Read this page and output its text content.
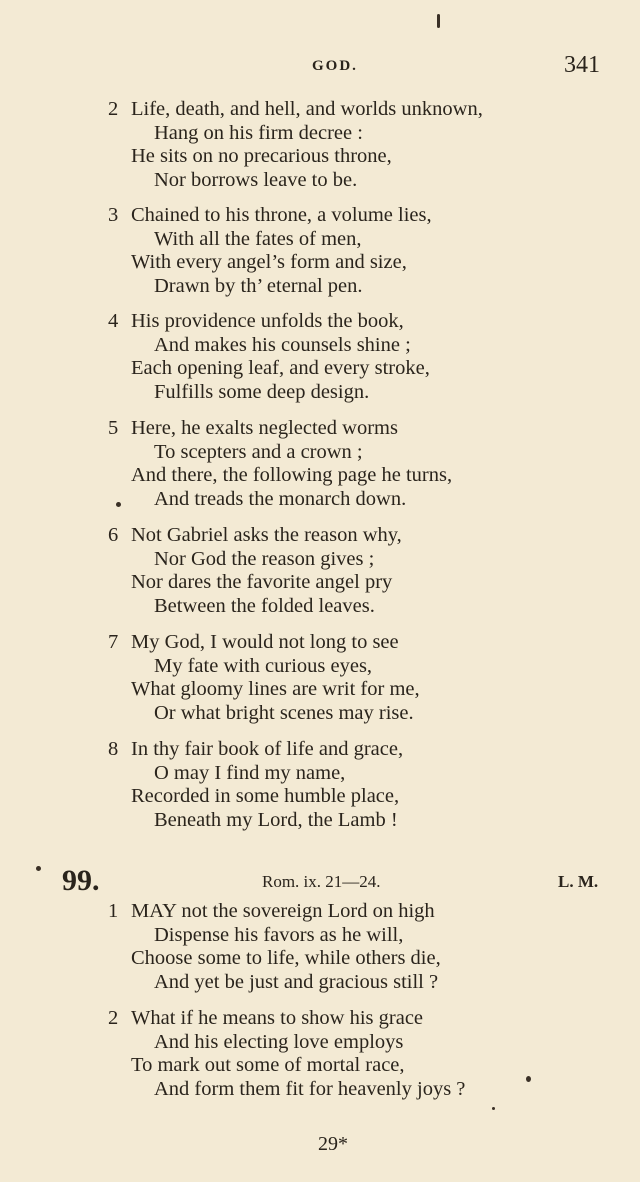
GOD.	341
2 Life, death, and hell, and worlds unknown,
Hang on his firm decree :
He sits on no precarious throne,
Nor borrows leave to be.
3 Chained to his throne, a volume lies,
With all the fates of men,
With every angel’s form and size,
Drawn by th’ eternal pen.
4 His providence unfolds the book,
And makes his counsels shine ;
Each opening leaf, and every stroke,
Fulfills some deep design.
5 Here, he exalts neglected worms
To scepters and a crown ;
And there, the following page he turns,
And treads the monarch down.
6 Not Gabriel asks the reason why,
Nor God the reason gives ;
Nor dares the favorite angel pry
Between the folded leaves.
7 My God, I would not long to see
My fate with curious eyes,
What gloomy lines are writ for me,
Or what bright scenes may rise.
8 In thy fair book of life and grace,
O may I find my name,
Recorded in some humble place,
Beneath my Lord, the Lamb !
99.	Rom. ix. 21—24.	L. M.
1 MAY not the sovereign Lord on high
Dispense his favors as he will,
Choose some to life, while others die,
And yet be just and gracious still ?
2 What if he means to show his grace
And his electing love employs
To mark out some of mortal race,
And form them fit for heavenly joys ?
29*
